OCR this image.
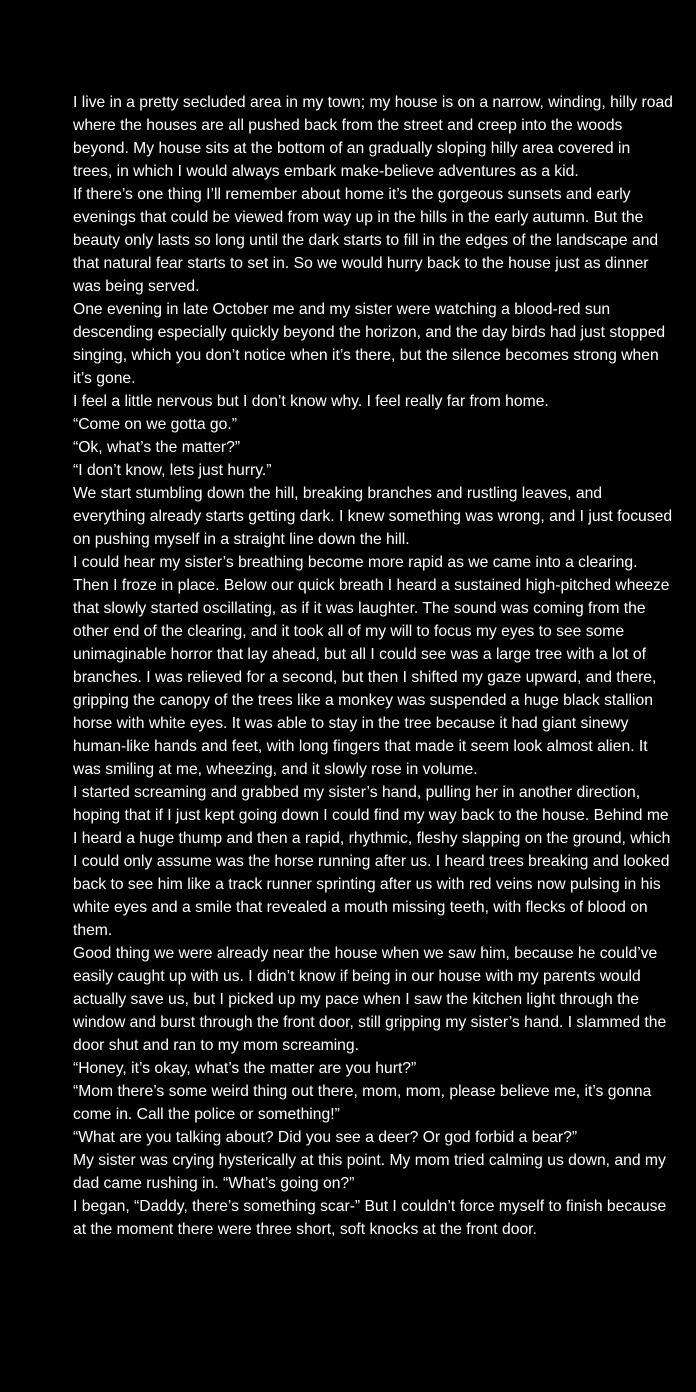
I live in a pretty secluded area in my town; my house is on a narrow, winding, hilly road where the houses are all pushed back from the street and creep into the woods beyond. My house sits at the bottom of an gradually sloping hilly area covered in trees, in which I would always embark make-believe adventures as a kid.

If there’s one thing I’ll remember about home it’s the gorgeous sunsets and early evenings that could be viewed from way up in the hills in the early autumn. But the beauty only lasts so long until the dark starts to fill in the edges of the landscape and that natural fear starts to set in. So we would hurry back to the house just as dinner was being served.

One evening in late October me and my sister were watching a blood-red sun descending especially quickly beyond the horizon, and the day birds had just stopped singing, which you don’t notice when it’s there, but the silence becomes strong when it’s gone.

I feel a little nervous but I don’t know why. I feel really far from home.

“Come on we gotta go.”

“Ok, what’s the matter?”

“I don’t know, lets just hurry.”

We start stumbling down the hill, breaking branches and rustling leaves, and everything already starts getting dark. I knew something was wrong, and I just focused on pushing myself in a straight line down the hill.

I could hear my sister’s breathing become more rapid as we came into a clearing. Then I froze in place. Below our quick breath I heard a sustained high-pitched wheeze that slowly started oscillating, as if it was laughter. The sound was coming from the other end of the clearing, and it took all of my will to focus my eyes to see some unimaginable horror that lay ahead, but all I could see was a large tree with a lot of branches. I was relieved for a second, but then I shifted my gaze upward, and there, gripping the canopy of the trees like a monkey was suspended a huge black stallion horse with white eyes. It was able to stay in the tree because it had giant sinewy human-like hands and feet, with long fingers that made it seem look almost alien. It was smiling at me, wheezing, and it slowly rose in volume.

I started screaming and grabbed my sister’s hand, pulling her in another direction, hoping that if I just kept going down I could find my way back to the house. Behind me I heard a huge thump and then a rapid, rhythmic, fleshy slapping on the ground, which I could only assume was the horse running after us. I heard trees breaking and looked back to see him like a track runner sprinting after us with red veins now pulsing in his white eyes and a smile that revealed a mouth missing teeth, with flecks of blood on them.

Good thing we were already near the house when we saw him, because he could’ve easily caught up with us. I didn’t know if being in our house with my parents would actually save us, but I picked up my pace when I saw the kitchen light through the window and burst through the front door, still gripping my sister’s hand. I slammed the door shut and ran to my mom screaming.

“Honey, it’s okay, what’s the matter are you hurt?”

“Mom there’s some weird thing out there, mom, mom, please believe me, it’s gonna come in. Call the police or something!”

“What are you talking about? Did you see a deer? Or god forbid a bear?”

My sister was crying hysterically at this point. My mom tried calming us down, and my dad came rushing in. “What’s going on?”

I began, “Daddy, there’s something scar-” But I couldn’t force myself to finish because at the moment there were three short, soft knocks at the front door.
